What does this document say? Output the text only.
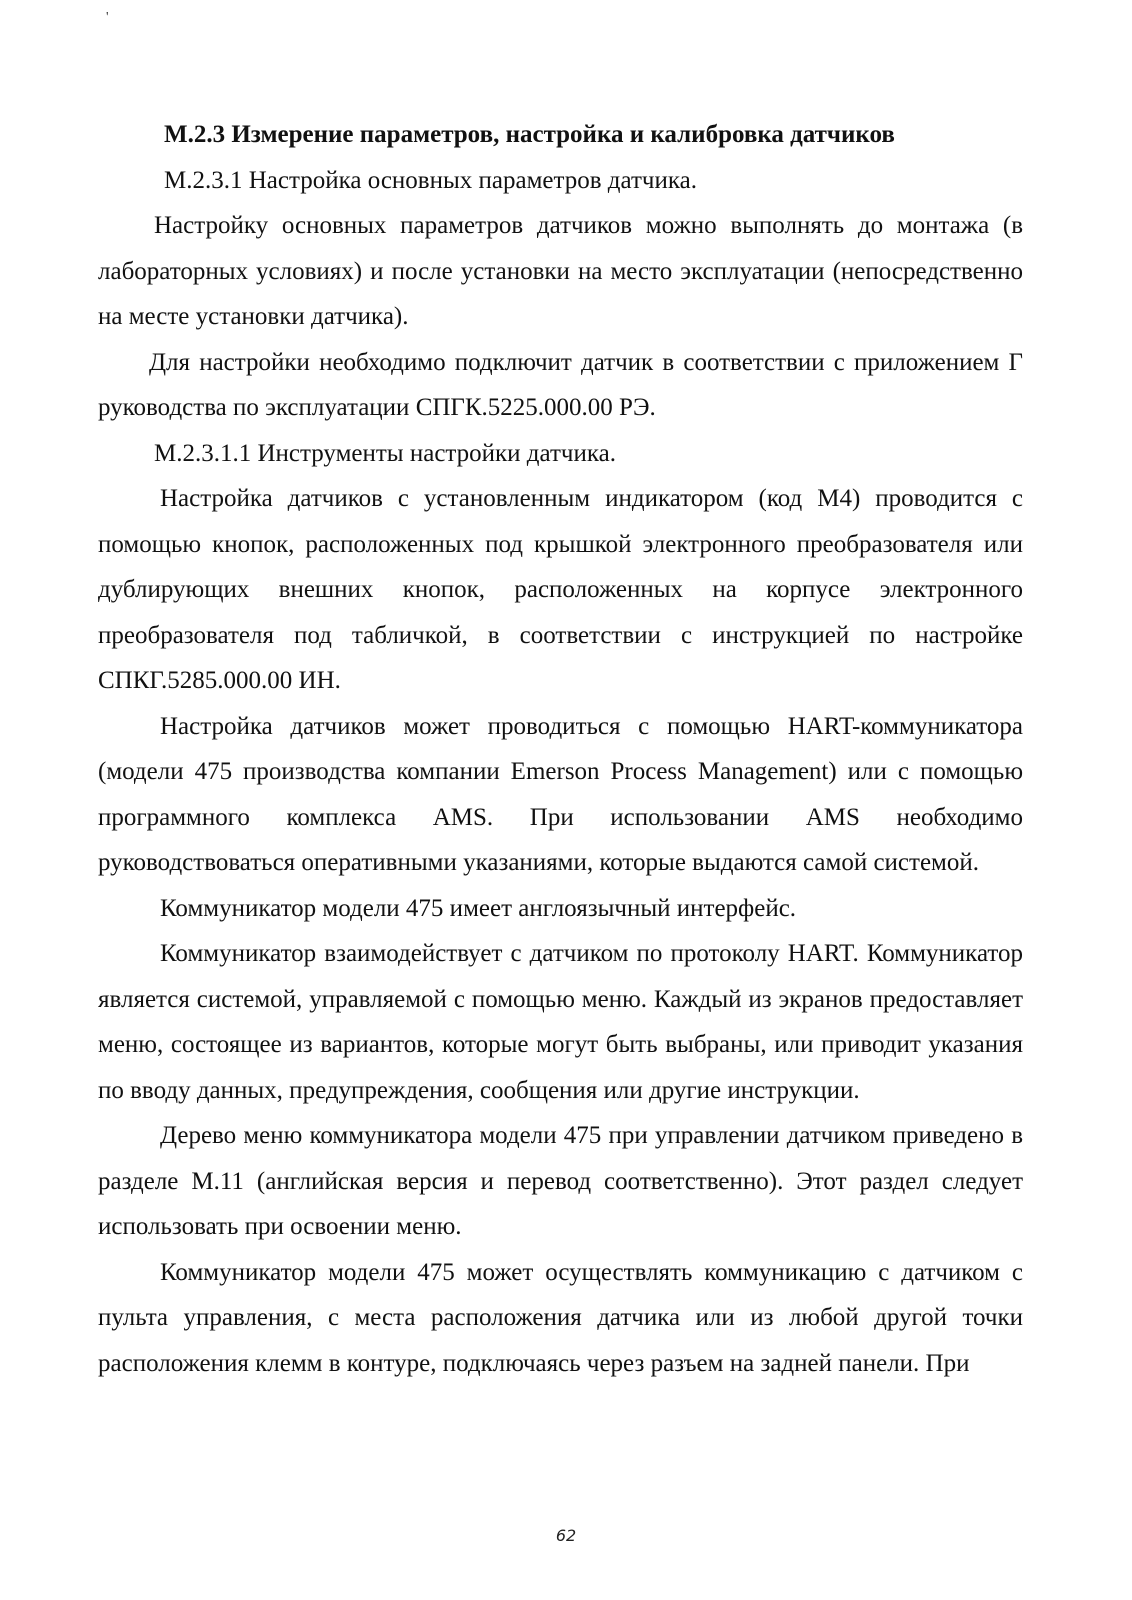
'

М.2.3 Измерение параметров, настройка и калибровка датчиков

М.2.3.1 Настройка основных параметров датчика.

Настройку основных параметров датчиков можно выполнять до монтажа (в лабораторных условиях) и после установки на место эксплуатации (непосредственно на месте установки датчика).

Для настройки необходимо подключит датчик в соответствии с приложением Г руководства по эксплуатации СПГК.5225.000.00 РЭ.

М.2.3.1.1 Инструменты настройки датчика.

Настройка датчиков с установленным индикатором (код М4) проводится с помощью кнопок, расположенных под крышкой электронного преобразователя или дублирующих внешних кнопок, расположенных на корпусе электронного преобразователя под табличкой, в соответствии с инструкцией по настройке СПКГ.5285.000.00 ИН.

Настройка датчиков может проводиться с помощью HART-коммуникатора (модели 475 производства компании Emerson Process Management) или с помощью программного комплекса AMS. При использовании AMS необходимо руководствоваться оперативными указаниями, которые выдаются самой системой.

Коммуникатор модели 475 имеет англоязычный интерфейс.

Коммуникатор взаимодействует с датчиком по протоколу HART. Коммуникатор является системой, управляемой с помощью меню. Каждый из экранов предоставляет меню, состоящее из вариантов, которые могут быть выбраны, или приводит указания по вводу данных, предупреждения, сообщения или другие инструкции.

Дерево меню коммуникатора модели 475 при управлении датчиком приведено в разделе М.11 (английская версия и перевод соответственно). Этот раздел следует использовать при освоении меню.

Коммуникатор модели 475 может осуществлять коммуникацию с датчиком с пульта управления, с места расположения датчика или из любой другой точки расположения клемм в контуре, подключаясь через разъем на задней панели. При

62
